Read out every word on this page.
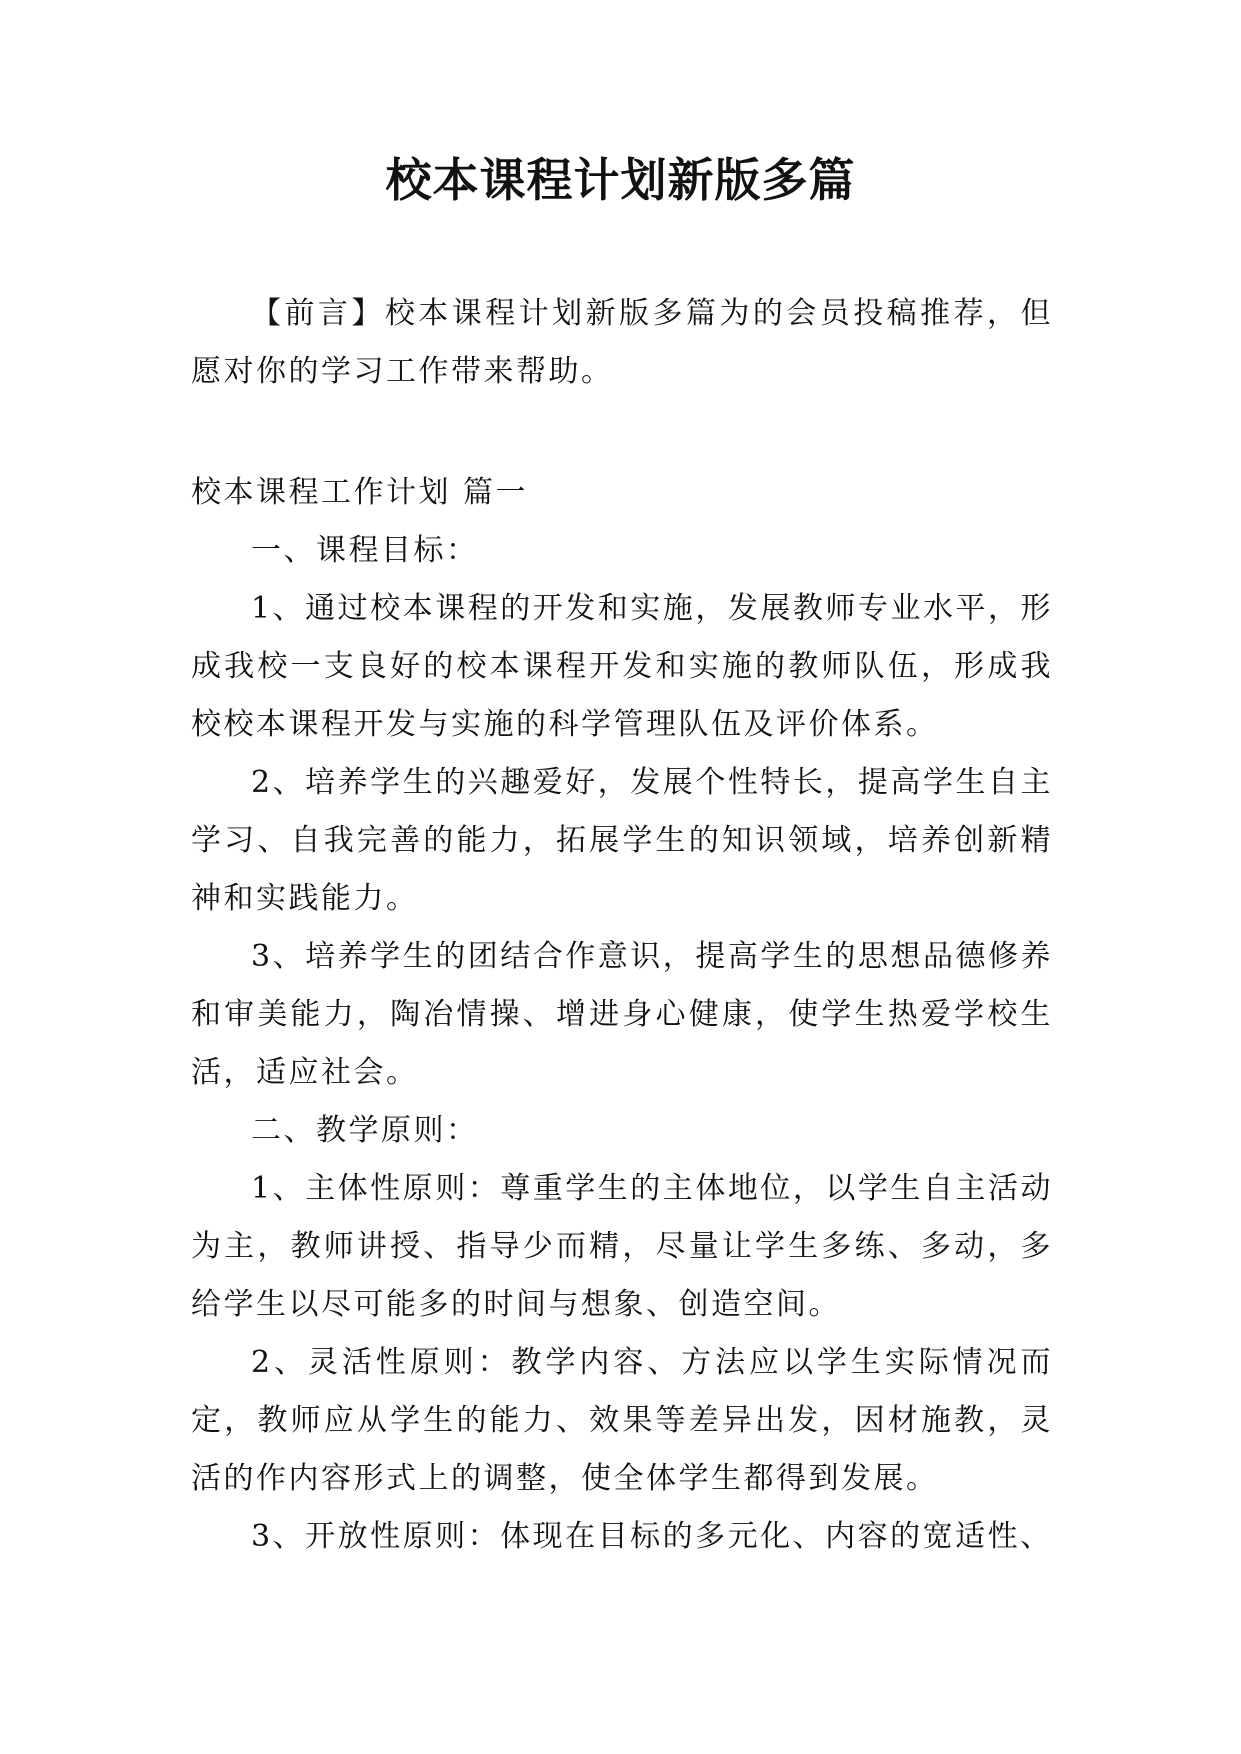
校本课程计划新版多篇

【前言】校本课程计划新版多篇为的会员投稿推荐，但愿对你的学习工作带来帮助。

校本课程工作计划 篇一

一、课程目标：

1、通过校本课程的开发和实施，发展教师专业水平，形成我校一支良好的校本课程开发和实施的教师队伍，形成我校校本课程开发与实施的科学管理队伍及评价体系。

2、培养学生的兴趣爱好，发展个性特长，提高学生自主学习、自我完善的能力，拓展学生的知识领域，培养创新精神和实践能力。

3、培养学生的团结合作意识，提高学生的思想品德修养和审美能力，陶冶情操、增进身心健康，使学生热爱学校生活，适应社会。

二、教学原则：

1、主体性原则：尊重学生的主体地位，以学生自主活动为主，教师讲授、指导少而精，尽量让学生多练、多动，多给学生以尽可能多的时间与想象、创造空间。

2、灵活性原则：教学内容、方法应以学生实际情况而定，教师应从学生的能力、效果等差异出发，因材施教，灵活的作内容形式上的调整，使全体学生都得到发展。

3、开放性原则：体现在目标的多元化、内容的宽适性、
